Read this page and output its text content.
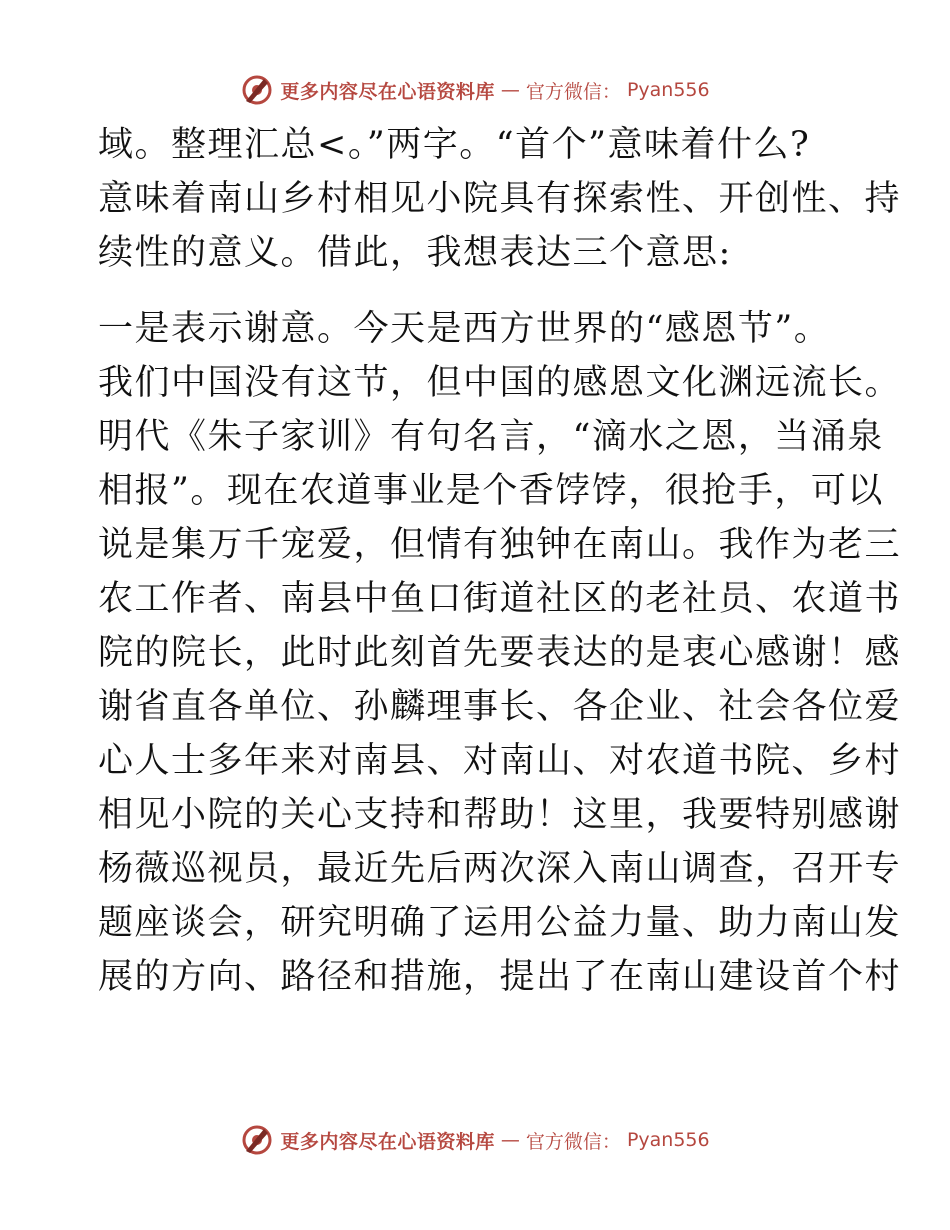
更多内容尽在心语资料库 — 官方微信： Pyan556

域。整理汇总<。”两字。“首个”意味着什么?

意味着南山乡村相见小院具有探索性、开创性、持

续性的意义。借此，我想表达三个意思:

一是表示谢意。今天是西方世界的“感恩节”。

我们中国没有这节，但中国的感恩文化渊远流长。

明代《朱子家训》有句名言，“滴水之恩，当涌泉

相报”。现在农道事业是个香饽饽，很抢手，可以

说是集万千宠爱，但情有独钟在南山。我作为老三

农工作者、南县中鱼口街道社区的老社员、农道书

院的院长，此时此刻首先要表达的是衷心感谢！感

谢省直各单位、孙麟理事长、各企业、社会各位爱

心人士多年来对南县、对南山、对农道书院、乡村

相见小院的关心支持和帮助！这里，我要特别感谢

杨薇巡视员，最近先后两次深入南山调查，召开专

题座谈会，研究明确了运用公益力量、助力南山发

展的方向、路径和措施，提出了在南山建设首个村

更多内容尽在心语资料库 — 官方微信： Pyan556
